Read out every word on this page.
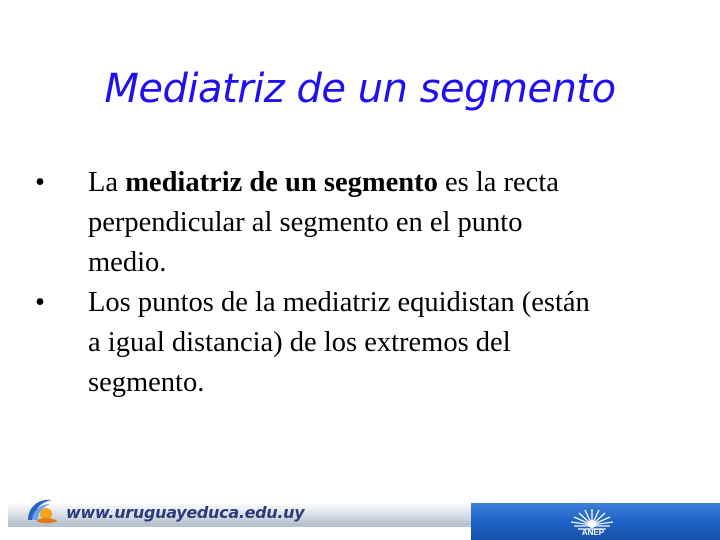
Mediatriz de un segmento
• La mediatriz de un segmento es la recta
perpendicular al segmento en el punto
medio.
• Los puntos de la mediatriz equidistan (están
a igual distancia) de los extremos del
segmento.
www.uruguayeduca.edu.uy
ANEP
